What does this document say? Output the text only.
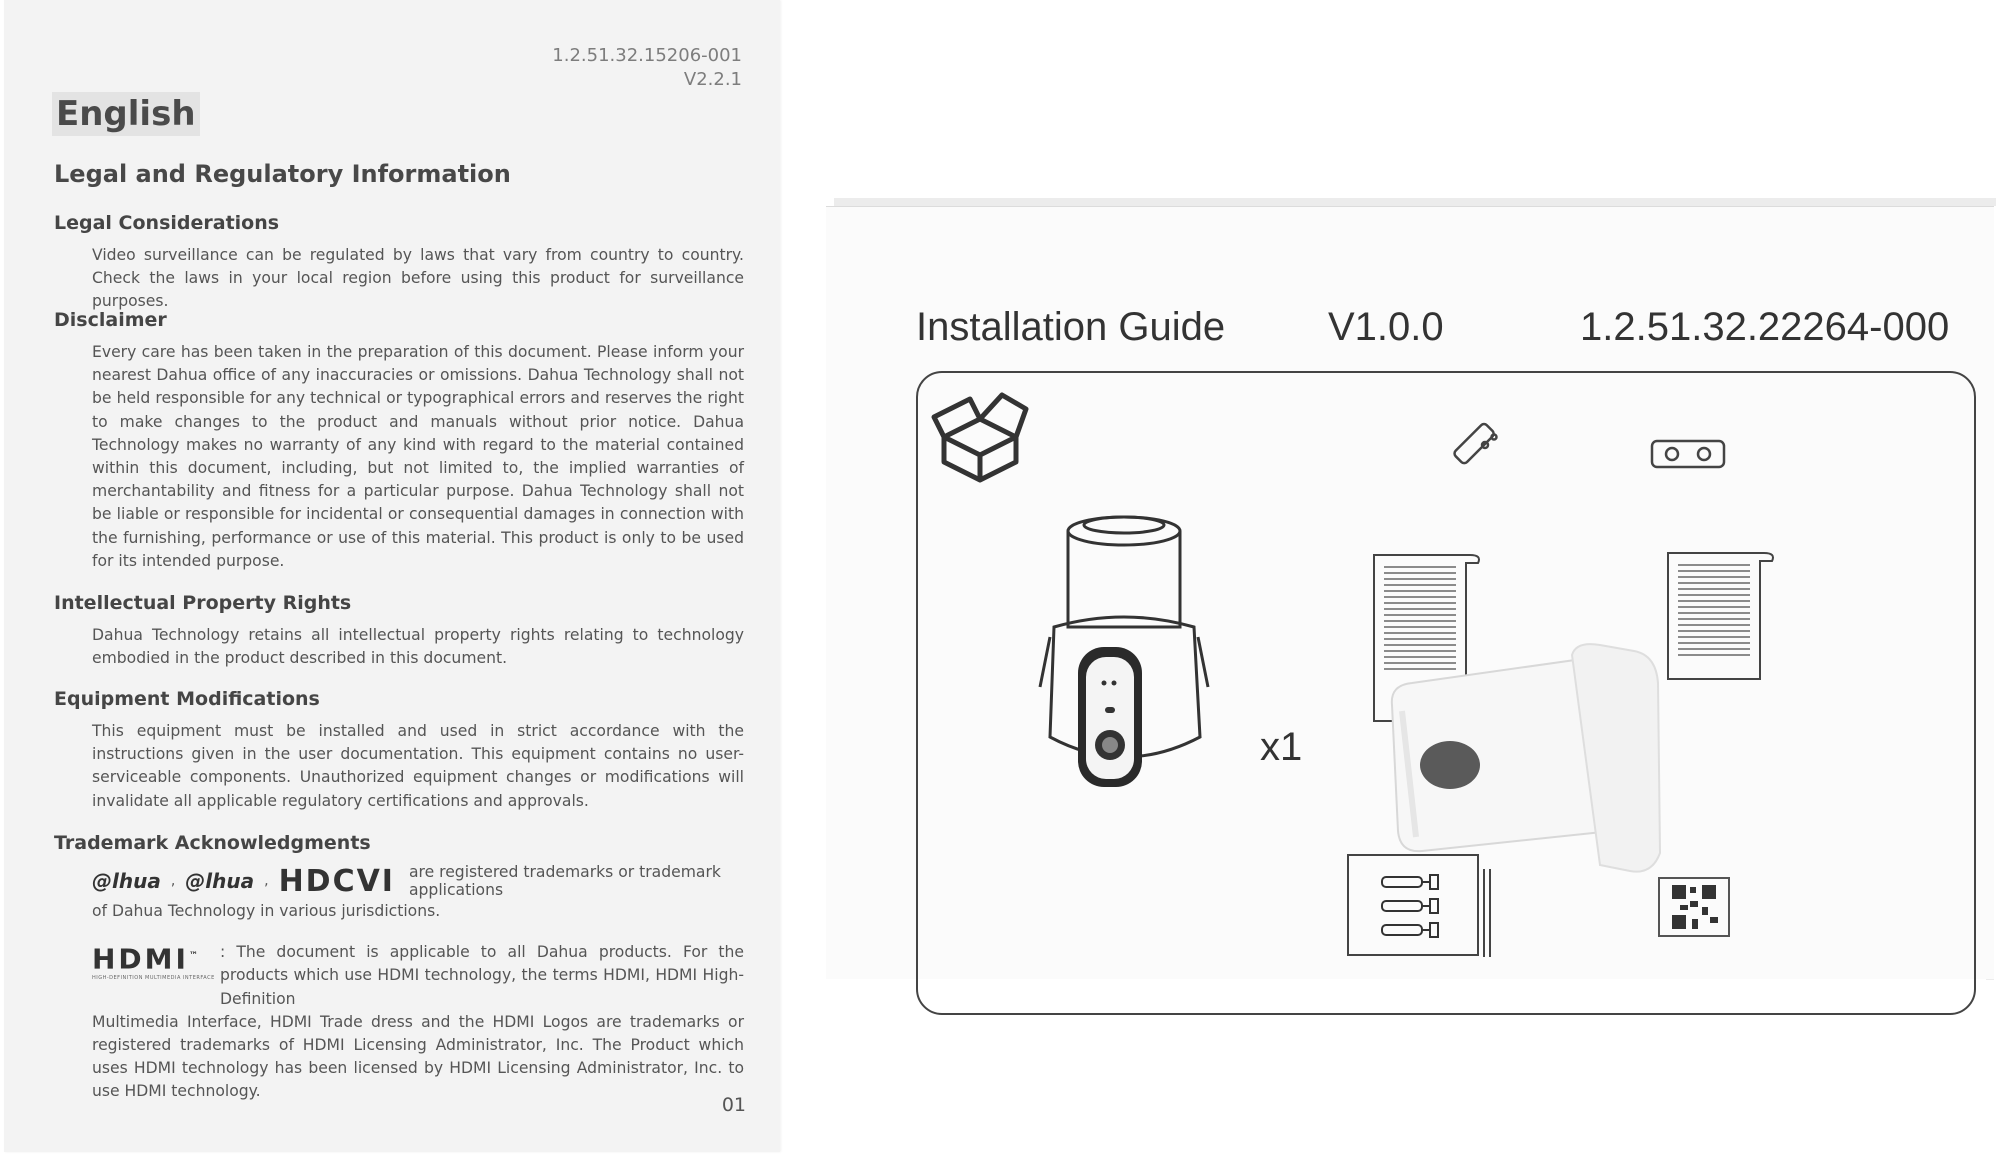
1.2.51.32.15206-001
V2.2.1
English
Legal and Regulatory Information
Legal Considerations

Video surveillance can be regulated by laws that vary from country to country. Check the laws in your local region before using this product for surveillance purposes.

Disclaimer

Every care has been taken in the preparation of this document. Please inform your nearest Dahua office of any inaccuracies or omissions. Dahua Technology shall not be held responsible for any technical or typographical errors and reserves the right to make changes to the product and manuals without prior notice. Dahua Technology makes no warranty of any kind with regard to the material contained within this document, including, but not limited to, the implied warranties of merchantability and fitness for a particular purpose. Dahua Technology shall not be liable or responsible for incidental or consequential damages in connection with the furnishing, performance or use of this material. This product is only to be used for its intended purpose.

Intellectual Property Rights

Dahua Technology retains all intellectual property rights relating to technology embodied in the product described in this document.

Equipment Modifications

This equipment must be installed and used in strict accordance with the instructions given in the user documentation. This equipment contains no user-serviceable components. Unauthorized equipment changes or modifications will invalidate all applicable regulatory certifications and approvals.

Trademark Acknowledgments
@lhua , @lhua , HDCVI are registered trademarks or trademark applications

of Dahua Technology in various jurisdictions.

HDMI™
HIGH-DEFINITION MULTIMEDIA INTERFACE
: The document is applicable to all Dahua products. For the products which use HDMI technology, the terms HDMI, HDMI High-Definition

Multimedia Interface, HDMI Trade dress and the HDMI Logos are trademarks or registered trademarks of HDMI Licensing Administrator, Inc. The Product which uses HDMI technology has been licensed by HDMI Licensing Administrator, Inc. to use HDMI technology.

01
Installation Guide	V1.0.0	1.2.51.32.22264-000
x1
